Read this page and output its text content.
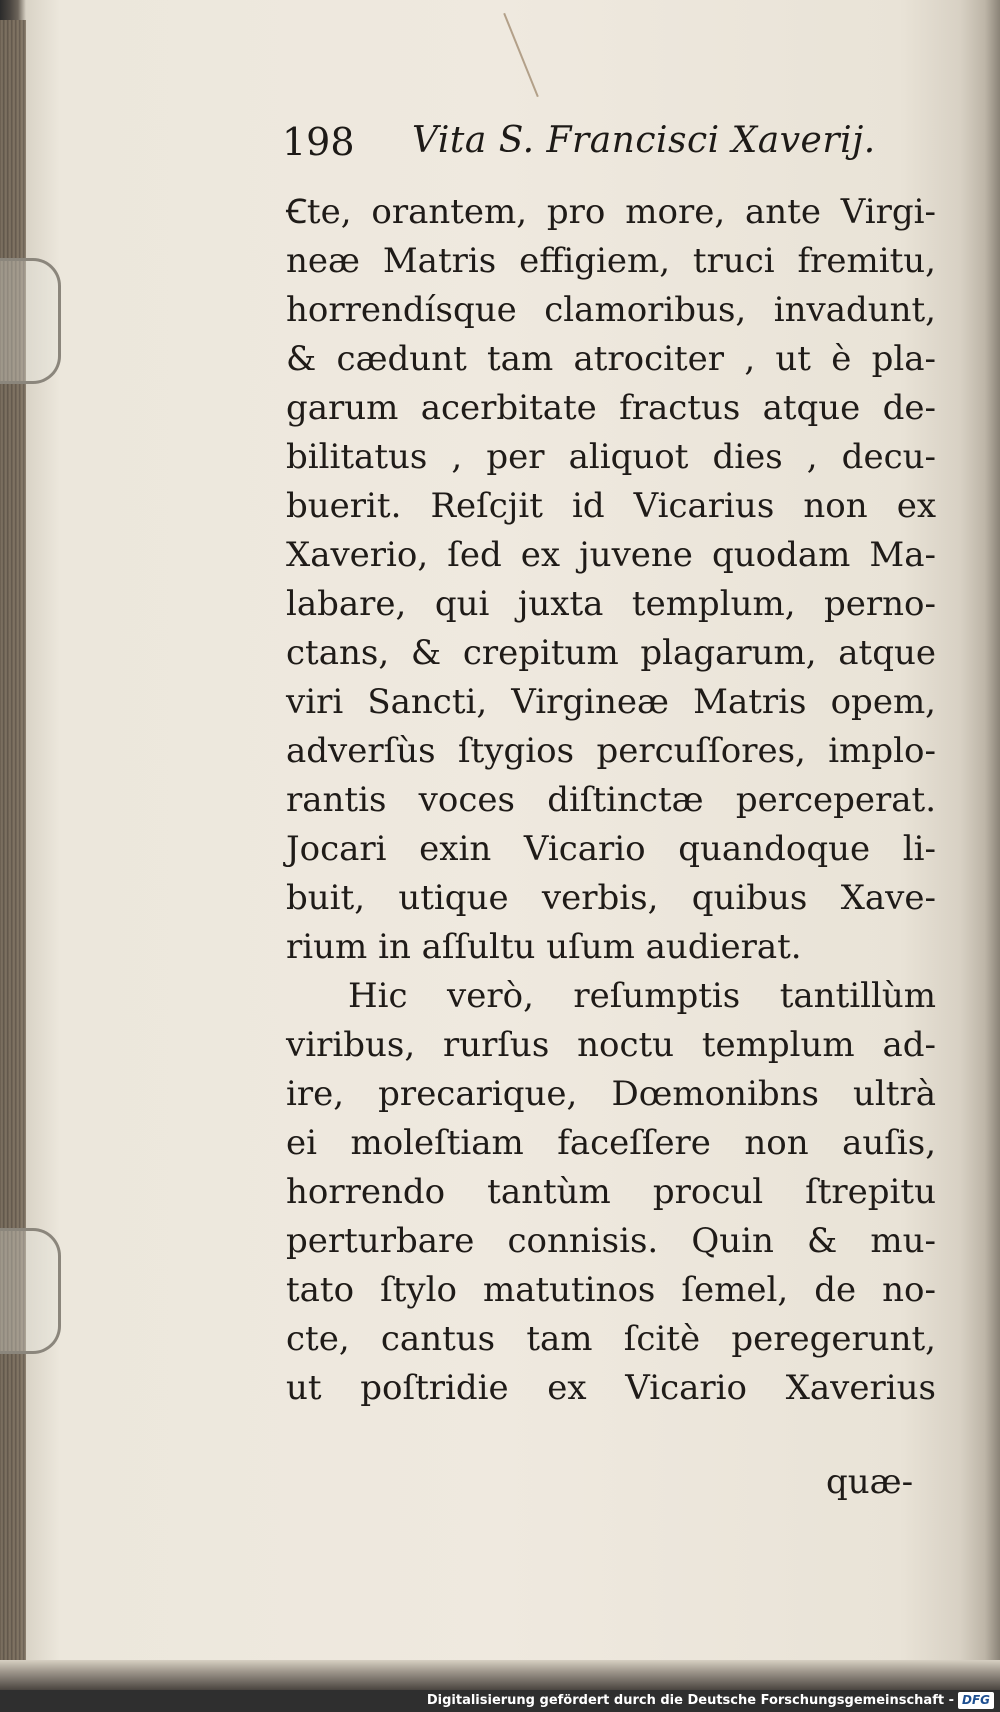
198 Vita S. Francisci Xaverij.
Ꞓte, orantem, pro more, ante Virgi-
neæ Matris effigiem, truci fremitu,
horrendísque clamoribus, invadunt,
& cædunt tam atrociter , ut è pla-
garum acerbitate fractus atque de-
bilitatus , per aliquot dies , decu-
buerit. Reſcjit id Vicarius non ex
Xaverio, ſed ex juvene quodam Ma-
labare, qui juxta templum, perno-
ctans, & crepitum plagarum, atque
viri Sancti, Virgineæ Matris opem,
adverſùs ſtygios percuſſores, implo-
rantis voces diſtinctæ perceperat.
Jocari exin Vicario quandoque li-
buit, utique verbis, quibus Xave-
rium in aſſultu uſum audierat.
Hic verò, reſumptis tantillùm
viribus, rurſus noctu templum ad-
ire, precarique, Dœmonibns ultrà
ei moleſtiam faceſſere non auſis,
horrendo tantùm procul ſtrepitu
perturbare connisis. Quin & mu-
tato ſtylo matutinos ſemel, de no-
cte, cantus tam ſcitè peregerunt,
ut poſtridie ex Vicario Xaverius
quæ-
Digitalisierung gefördert durch die Deutsche Forschungsgemeinschaft - DFG
